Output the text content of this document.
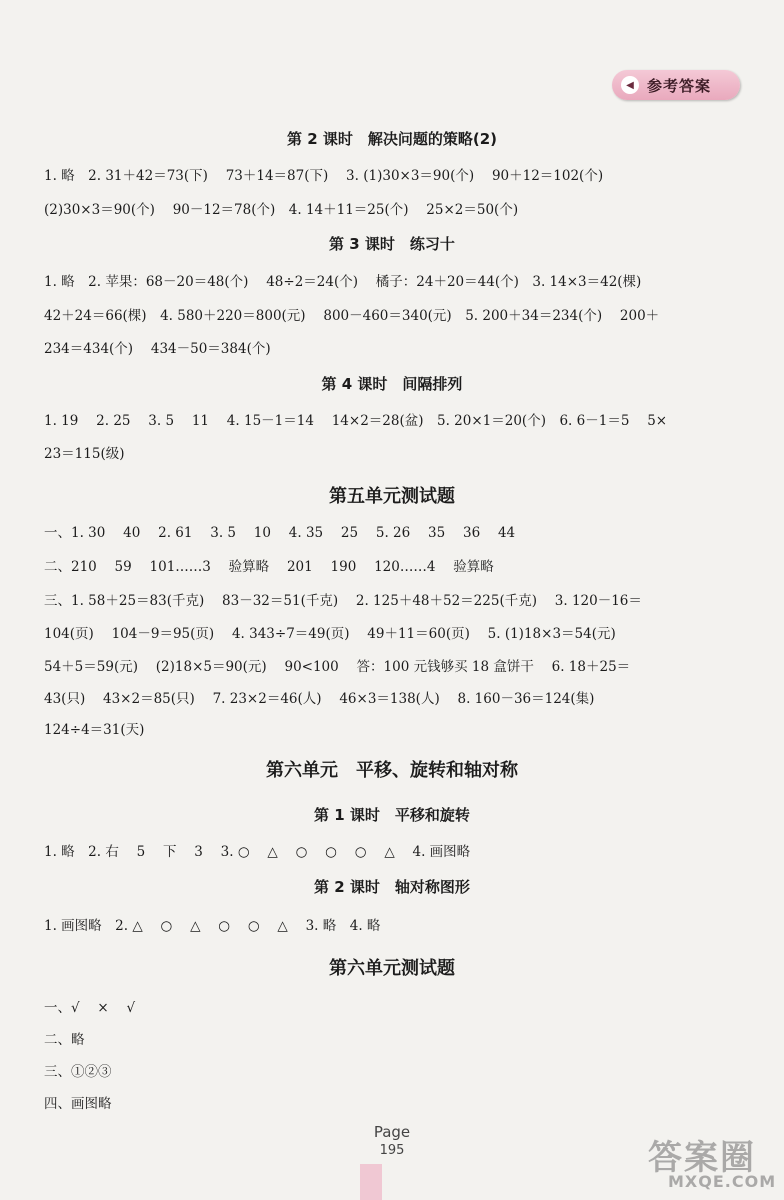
◀ 参考答案
第 2 课时　解决问题的策略(2)
1. 略　2. 31＋42＝73(下)　 73＋14＝87(下)　 3. (1)30×3＝90(个)　 90＋12＝102(个)
(2)30×3＝90(个)　 90－12＝78(个)　4. 14＋11＝25(个)　 25×2＝50(个)
第 3 课时　练习十
1. 略　2. 苹果：68－20＝48(个)　 48÷2＝24(个)　 橘子：24＋20＝44(个)　3. 14×3＝42(棵)
42＋24＝66(棵)　4. 580＋220＝800(元)　 800－460＝340(元)　5. 200＋34＝234(个)　 200＋
234＝434(个)　 434－50＝384(个)
第 4 课时　间隔排列
1. 19　 2. 25　 3. 5　 11　 4. 15－1＝14　 14×2＝28(盆)　5. 20×1＝20(个)　6. 6－1＝5　 5×
23＝115(级)
第五单元测试题
一、1. 30　 40　 2. 61　 3. 5　 10　 4. 35　 25　 5. 26　 35　 36　 44
二、210　 59　 101……3　 验算略　 201　 190　 120……4　 验算略
三、1. 58＋25＝83(千克)　 83－32＝51(千克)　 2. 125＋48＋52＝225(千克)　 3. 120－16＝
104(页)　 104－9＝95(页)　 4. 343÷7＝49(页)　 49＋11＝60(页)　 5. (1)18×3＝54(元)
54＋5＝59(元)　 (2)18×5＝90(元)　 90<100　 答：100 元钱够买 18 盒饼干　 6. 18＋25＝
43(只)　 43×2＝85(只)　 7. 23×2＝46(人)　 46×3＝138(人)　 8. 160－36＝124(集)
124÷4＝31(天)
第六单元　平移、旋转和轴对称
第 1 课时　平移和旋转
1. 略　2. 右　 5　 下　 3　 3. ○　 △　 ○　 ○　 ○　 △　 4. 画图略
第 2 课时　轴对称图形
1. 画图略　2. △　 ○　 △　 ○　 ○　 △　 3. 略　4. 略
第六单元测试题
一、√　 ×　 √
二、略
三、①②③
四、画图略
Page
195	答案圈
MXQE.COM
